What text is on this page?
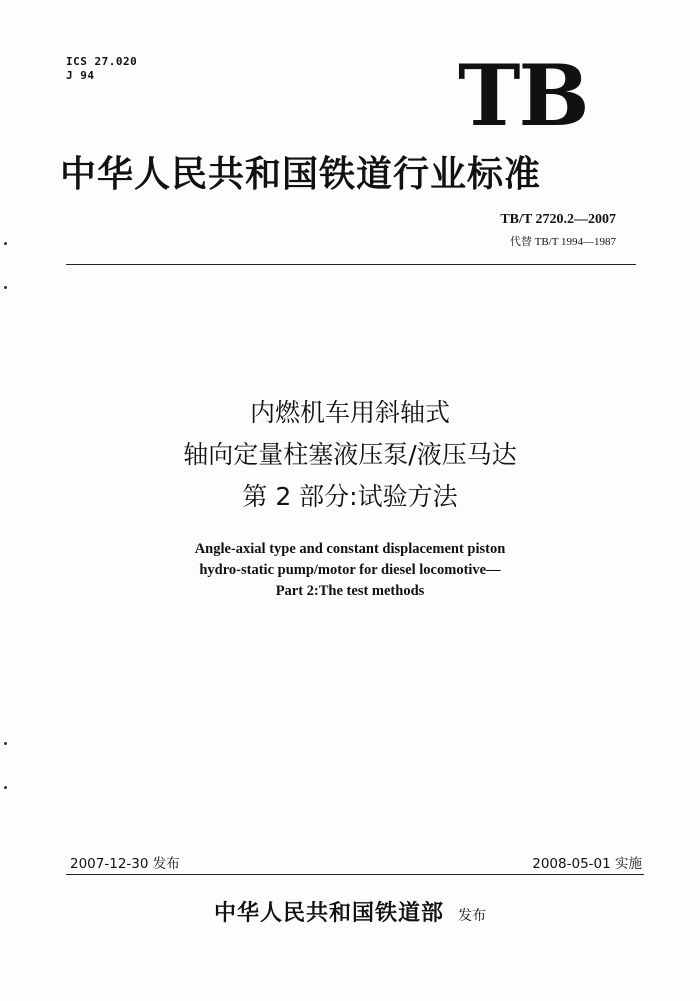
ICS 27.020
J 94	TB
中华人民共和国铁道行业标准
TB/T 2720.2—2007
代替 TB/T 1994—1987
内燃机车用斜轴式
轴向定量柱塞液压泵/液压马达
第 2 部分:试验方法
Angle-axial type and constant displacement piston
hydro-static pump/motor for diesel locomotive—
Part 2:The test methods
2007-12-30 发布	2008-05-01 实施
中华人民共和国铁道部 发布
